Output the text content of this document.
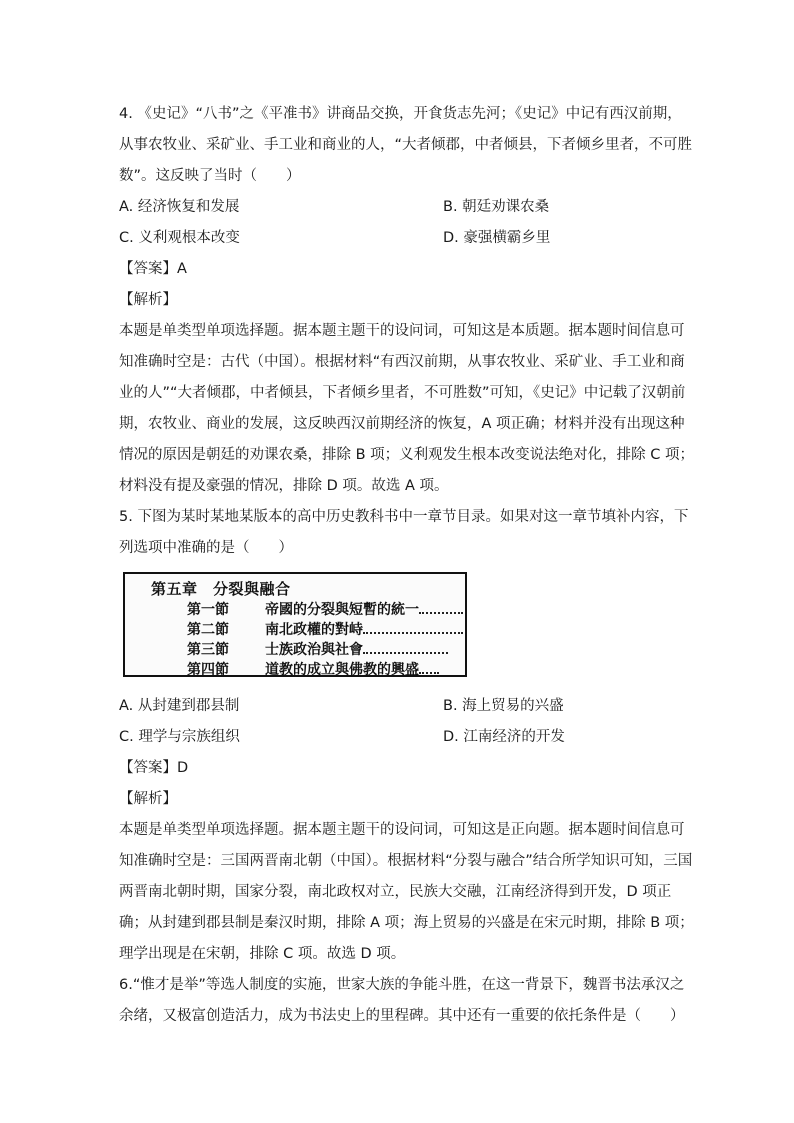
4. 《史记》“八书”之《平准书》讲商品交换，开食货志先河；《史记》中记有西汉前期，
从事农牧业、采矿业、手工业和商业的人，“大者倾郡，中者倾县，下者倾乡里者，不可胜
数”。这反映了当时（　　）
A. 经济恢复和发展	B. 朝廷劝课农桑
C. 义利观根本改变	D. 豪强横霸乡里
【答案】A
【解析】
本题是单类型单项选择题。据本题主题干的设问词，可知这是本质题。据本题时间信息可
知准确时空是：古代（中国）。根据材料“有西汉前期，从事农牧业、采矿业、手工业和商
业的人”“大者倾郡，中者倾县，下者倾乡里者，不可胜数”可知，《史记》中记载了汉朝前
期，农牧业、商业的发展，这反映西汉前期经济的恢复，A 项正确；材料并没有出现这种
情况的原因是朝廷的劝课农桑，排除 B 项；义利观发生根本改变说法绝对化，排除 C 项；
材料没有提及豪强的情况，排除 D 项。故选 A 项。
5. 下图为某时某地某版本的高中历史教科书中一章节目录。如果对这一章节填补内容，下
列选项中准确的是（　　）
第五章　分裂與融合
第一節	帝國的分裂與短暫的統一
第二節	南北政權的對峙
第三節	士族政治與社會
第四節	道教的成立與佛教的興盛
A. 从封建到郡县制	B. 海上贸易的兴盛
C. 理学与宗族组织	D. 江南经济的开发
【答案】D
【解析】
本题是单类型单项选择题。据本题主题干的设问词，可知这是正向题。据本题时间信息可
知准确时空是：三国两晋南北朝（中国）。根据材料“分裂与融合”结合所学知识可知，三国
两晋南北朝时期，国家分裂，南北政权对立，民族大交融，江南经济得到开发，D 项正
确；从封建到郡县制是秦汉时期，排除 A 项；海上贸易的兴盛是在宋元时期，排除 B 项；
理学出现是在宋朝，排除 C 项。故选 D 项。
6.“惟才是举”等选人制度的实施，世家大族的争能斗胜，在这一背景下，魏晋书法承汉之
余绪，又极富创造活力，成为书法史上的里程碑。其中还有一重要的依托条件是（　　）
